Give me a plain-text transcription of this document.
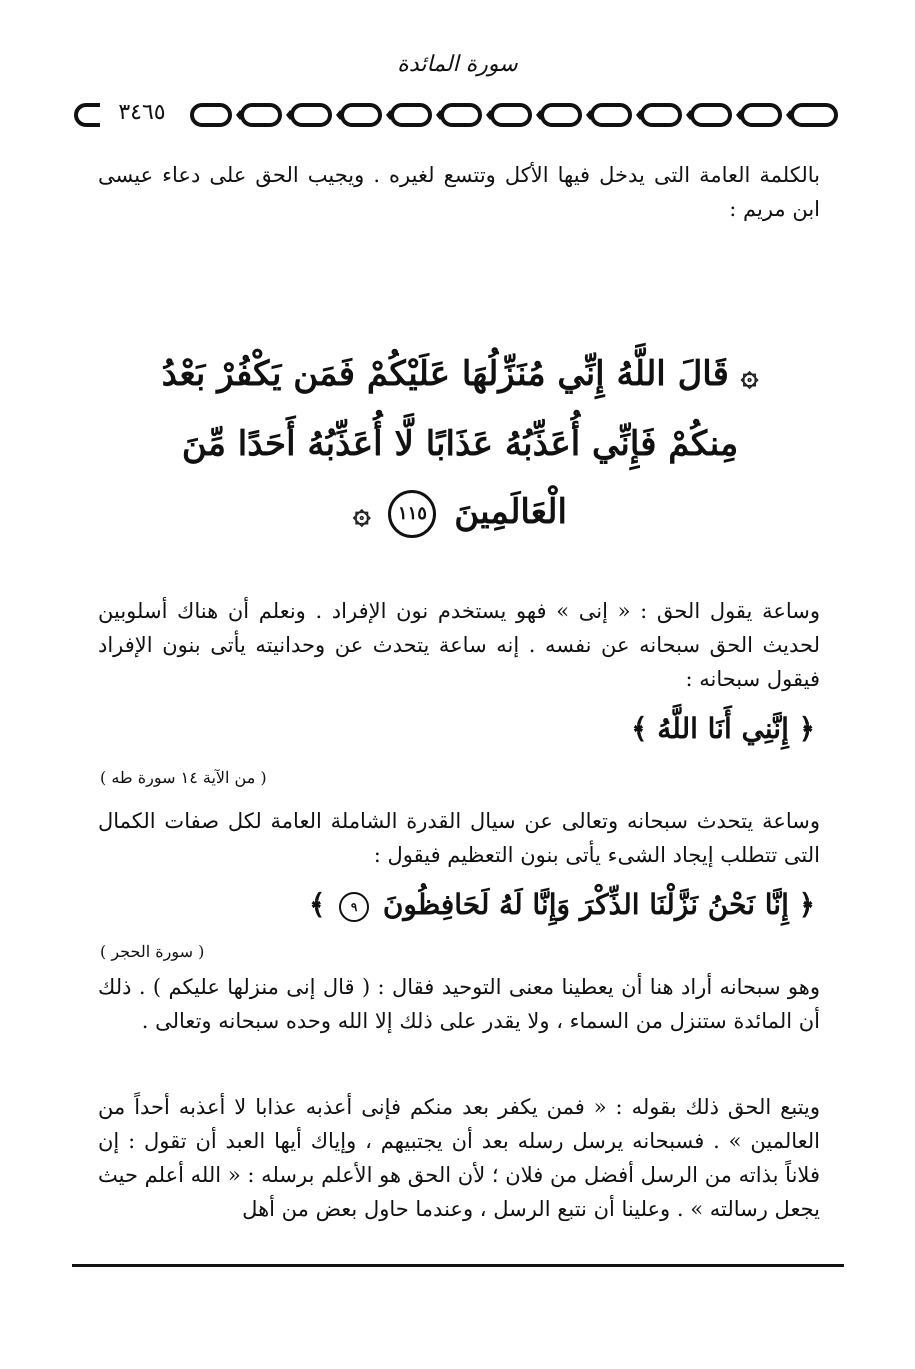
سورة المائدة
٣٤٦٥
بالكلمة العامة التى يدخل فيها الأكل وتتسع لغيره . ويجيب الحق على دعاء عيسى ابن مريم :
۞ قَالَ اللَّهُ إِنِّي مُنَزِّلُهَا عَلَيْكُمْ فَمَن يَكْفُرْ بَعْدُ مِنكُمْ فَإِنِّي أُعَذِّبُهُ عَذَابًا لَّا أُعَذِّبُهُ أَحَدًا مِّنَ الْعَالَمِينَ ١١٥ ۞
وساعة يقول الحق : « إنى » فهو يستخدم نون الإفراد . ونعلم أن هناك أسلوبين لحديث الحق سبحانه عن نفسه . إنه ساعة يتحدث عن وحدانيته يأتى بنون الإفراد فيقول سبحانه :
﴿ إِنَّنِي أَنَا اللَّهُ ﴾
( من الآية ١٤ سورة طه )
وساعة يتحدث سبحانه وتعالى عن سيال القدرة الشاملة العامة لكل صفات الكمال التى تتطلب إيجاد الشىء يأتى بنون التعظيم فيقول :
﴿ إِنَّا نَحْنُ نَزَّلْنَا الذِّكْرَ وَإِنَّا لَهُ لَحَافِظُونَ ٩ ﴾
( سورة الحجر )
وهو سبحانه أراد هنا أن يعطينا معنى التوحيد فقال : ( قال إنى منزلها عليكم ) . ذلك أن المائدة ستنزل من السماء ، ولا يقدر على ذلك إلا الله وحده سبحانه وتعالى .
ويتبع الحق ذلك بقوله : « فمن يكفر بعد منكم فإنى أعذبه عذابا لا أعذبه أحداً من العالمين » . فسبحانه يرسل رسله بعد أن يجتبيهم ، وإياك أيها العبد أن تقول : إن فلاناً بذاته من الرسل أفضل من فلان ؛ لأن الحق هو الأعلم برسله : « الله أعلم حيث يجعل رسالته » . وعلينا أن نتبع الرسل ، وعندما حاول بعض من أهل
